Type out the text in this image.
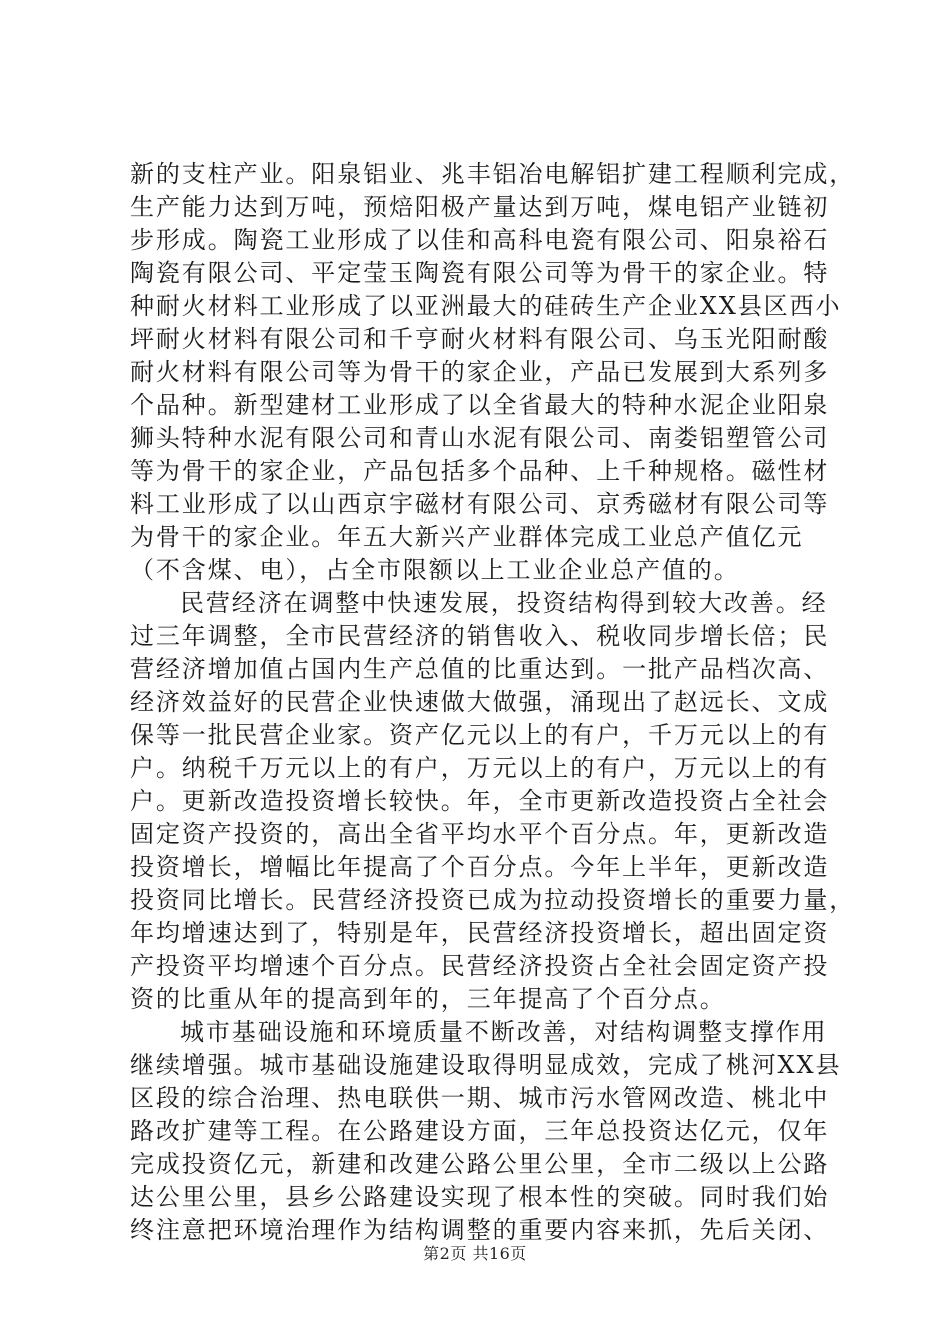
新的支柱产业。阳泉铝业、兆丰铝冶电解铝扩建工程顺利完成，
生产能力达到万吨，预焙阳极产量达到万吨，煤电铝产业链初
步形成。陶瓷工业形成了以佳和高科电瓷有限公司、阳泉裕石
陶瓷有限公司、平定莹玉陶瓷有限公司等为骨干的家企业。特
种耐火材料工业形成了以亚洲最大的硅砖生产企业XX县区西小
坪耐火材料有限公司和千亨耐火材料有限公司、乌玉光阳耐酸
耐火材料有限公司等为骨干的家企业，产品已发展到大系列多
个品种。新型建材工业形成了以全省最大的特种水泥企业阳泉
狮头特种水泥有限公司和青山水泥有限公司、南娄铝塑管公司
等为骨干的家企业，产品包括多个品种、上千种规格。磁性材
料工业形成了以山西京宇磁材有限公司、京秀磁材有限公司等
为骨干的家企业。年五大新兴产业群体完成工业总产值亿元
（不含煤、电），占全市限额以上工业企业总产值的。
民营经济在调整中快速发展，投资结构得到较大改善。经
过三年调整，全市民营经济的销售收入、税收同步增长倍；民
营经济增加值占国内生产总值的比重达到。一批产品档次高、
经济效益好的民营企业快速做大做强，涌现出了赵远长、文成
保等一批民营企业家。资产亿元以上的有户，千万元以上的有
户。纳税千万元以上的有户，万元以上的有户，万元以上的有
户。更新改造投资增长较快。年，全市更新改造投资占全社会
固定资产投资的，高出全省平均水平个百分点。年，更新改造
投资增长，增幅比年提高了个百分点。今年上半年，更新改造
投资同比增长。民营经济投资已成为拉动投资增长的重要力量，
年均增速达到了，特别是年，民营经济投资增长，超出固定资
产投资平均增速个百分点。民营经济投资占全社会固定资产投
资的比重从年的提高到年的，三年提高了个百分点。
城市基础设施和环境质量不断改善，对结构调整支撑作用
继续增强。城市基础设施建设取得明显成效，完成了桃河XX县
区段的综合治理、热电联供一期、城市污水管网改造、桃北中
路改扩建等工程。在公路建设方面，三年总投资达亿元，仅年
完成投资亿元，新建和改建公路公里公里，全市二级以上公路
达公里公里，县乡公路建设实现了根本性的突破。同时我们始
终注意把环境治理作为结构调整的重要内容来抓，先后关闭、
第2页 共16页
